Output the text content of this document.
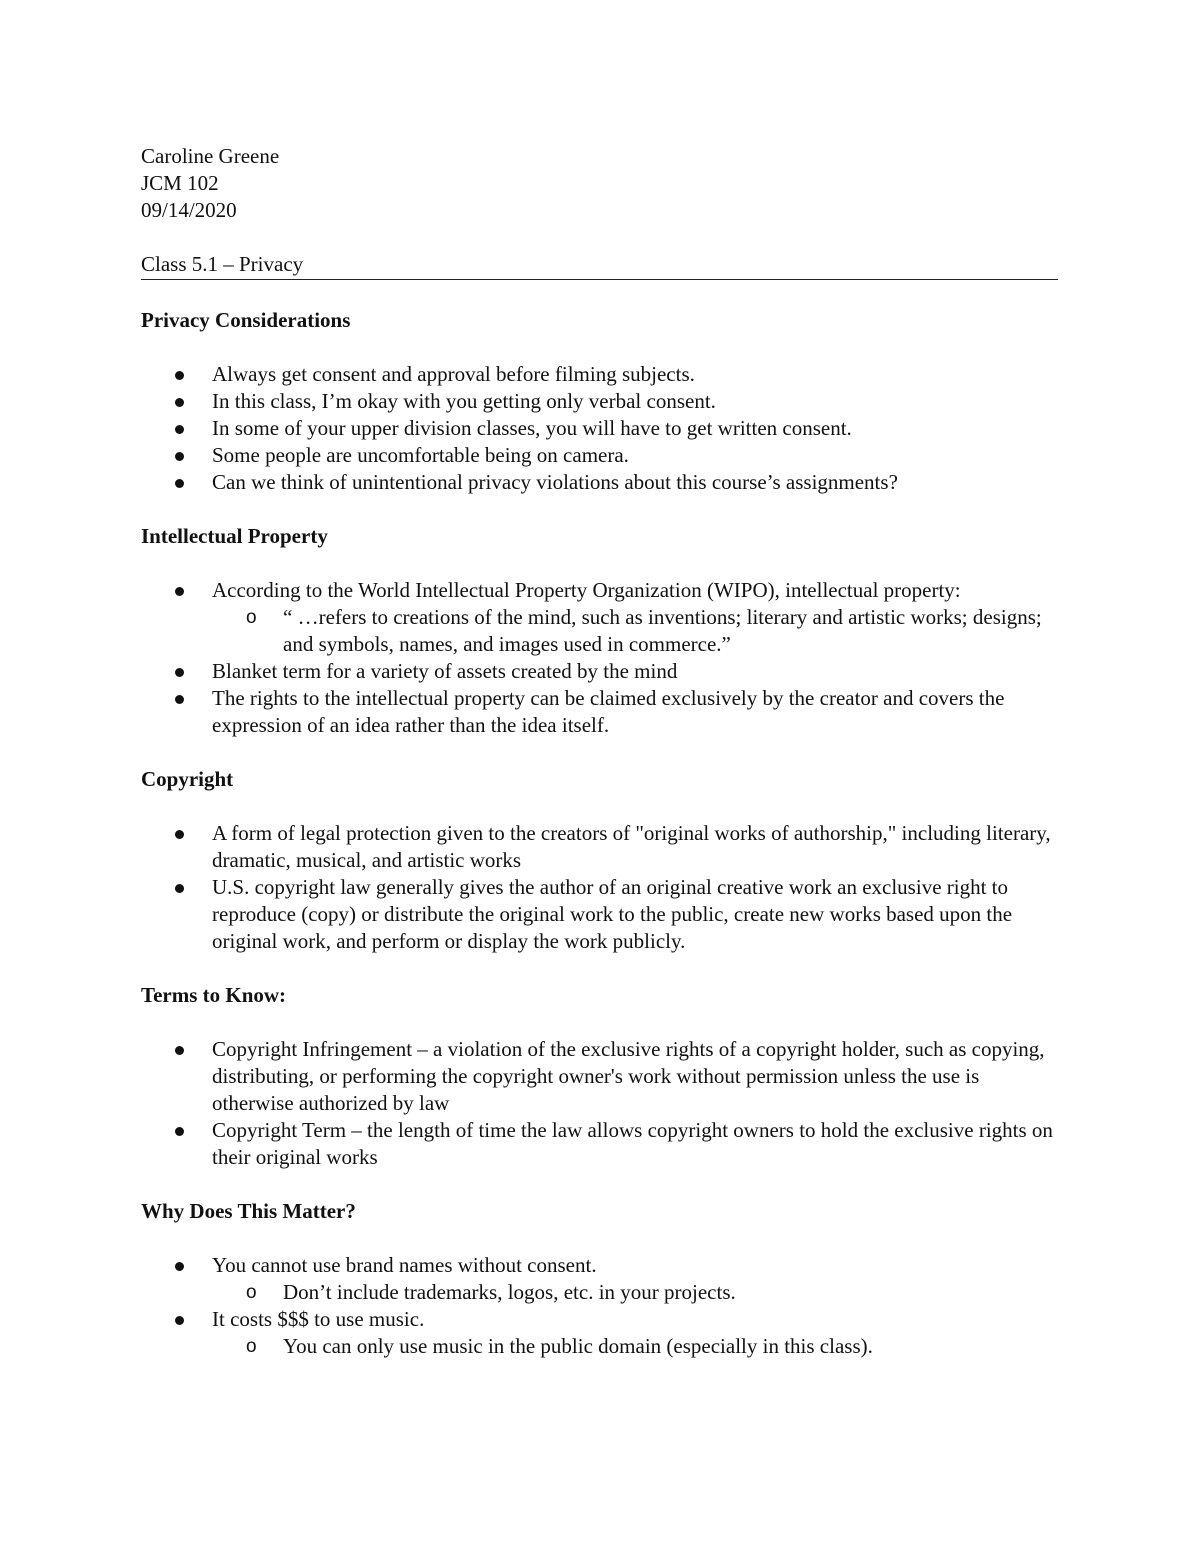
Caroline Greene

JCM 102

09/14/2020

Class 5.1 – Privacy

Privacy Considerations

Always get consent and approval before filming subjects.
In this class, I’m okay with you getting only verbal consent.
In some of your upper division classes, you will have to get written consent.
Some people are uncomfortable being on camera.
Can we think of unintentional privacy violations about this course’s assignments?

Intellectual Property

According to the World Intellectual Property Organization (WIPO), intellectual property:
o “ …refers to creations of the mind, such as inventions; literary and artistic works; designs; and symbols, names, and images used in commerce.”
Blanket term for a variety of assets created by the mind
The rights to the intellectual property can be claimed exclusively by the creator and covers the expression of an idea rather than the idea itself.

Copyright

A form of legal protection given to the creators of "original works of authorship," including literary, dramatic, musical, and artistic works
U.S. copyright law generally gives the author of an original creative work an exclusive right to reproduce (copy) or distribute the original work to the public, create new works based upon the original work, and perform or display the work publicly.

Terms to Know:

Copyright Infringement – a violation of the exclusive rights of a copyright holder, such as copying, distributing, or performing the copyright owner's work without permission unless the use is otherwise authorized by law
Copyright Term – the length of time the law allows copyright owners to hold the exclusive rights on their original works

Why Does This Matter?

You cannot use brand names without consent.
o Don’t include trademarks, logos, etc. in your projects.
It costs $$$ to use music.
o You can only use music in the public domain (especially in this class).
